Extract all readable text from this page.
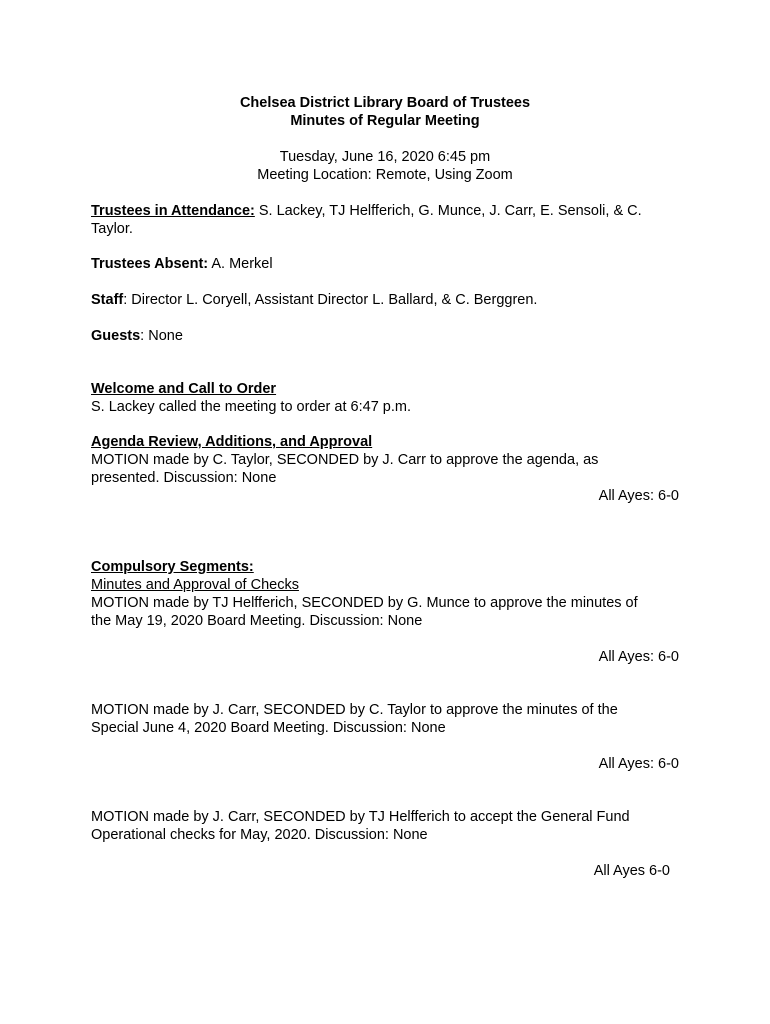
Chelsea District Library Board of Trustees
Minutes of Regular Meeting
Tuesday, June 16, 2020 6:45 pm
Meeting Location: Remote, Using Zoom
Trustees in Attendance: S. Lackey, TJ Helfferich, G. Munce, J. Carr, E. Sensoli, & C.
Taylor.
Trustees Absent: A. Merkel
Staff: Director L. Coryell, Assistant Director L. Ballard, & C. Berggren.
Guests: None
Welcome and Call to Order
S. Lackey called the meeting to order at 6:47 p.m.
Agenda Review, Additions, and Approval
MOTION made by C. Taylor, SECONDED by J. Carr to approve the agenda, as
presented. Discussion: None
All Ayes: 6-0
Compulsory Segments:
Minutes and Approval of Checks
MOTION made by TJ Helfferich, SECONDED by G. Munce to approve the minutes of
the May 19, 2020 Board Meeting. Discussion: None
All Ayes: 6-0
MOTION made by J. Carr, SECONDED by C. Taylor to approve the minutes of the
Special June 4, 2020 Board Meeting. Discussion: None
All Ayes: 6-0
MOTION made by J. Carr, SECONDED by TJ Helfferich to accept the General Fund
Operational checks for May, 2020. Discussion: None
All Ayes 6-0
